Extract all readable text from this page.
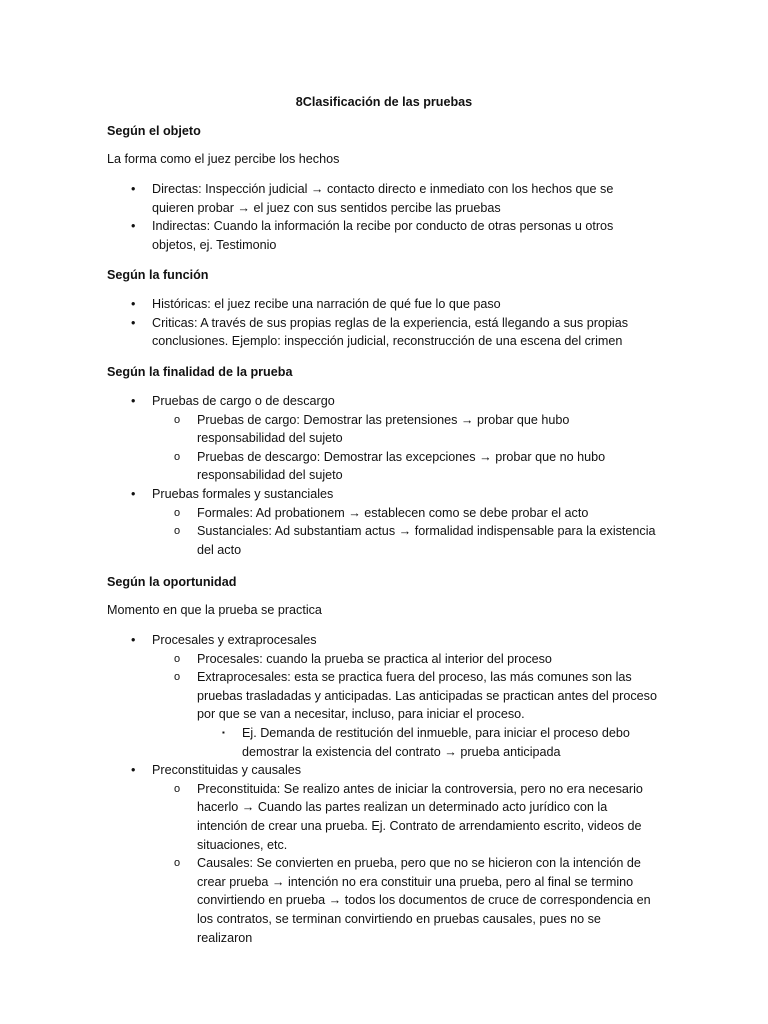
8Clasificación de las pruebas
Según el objeto
La forma como el juez percibe los hechos
• Directas: Inspección judicial → contacto directo e inmediato con los hechos que se quieren probar → el juez con sus sentidos percibe las pruebas
• Indirectas: Cuando la información la recibe por conducto de otras personas u otros objetos, ej. Testimonio
Según la función
• Históricas: el juez recibe una narración de qué fue lo que paso
• Criticas: A través de sus propias reglas de la experiencia, está llegando a sus propias conclusiones. Ejemplo: inspección judicial, reconstrucción de una escena del crimen
Según la finalidad de la prueba
• Pruebas de cargo o de descargo
o Pruebas de cargo: Demostrar las pretensiones → probar que hubo responsabilidad del sujeto
o Pruebas de descargo: Demostrar las excepciones → probar que no hubo responsabilidad del sujeto
• Pruebas formales y sustanciales
o Formales: Ad probationem → establecen como se debe probar el acto
o Sustanciales: Ad substantiam actus → formalidad indispensable para la existencia del acto
Según la oportunidad
Momento en que la prueba se practica
• Procesales y extraprocesales
o Procesales: cuando la prueba se practica al interior del proceso
o Extraprocesales: esta se practica fuera del proceso, las más comunes son las pruebas trasladadas y anticipadas. Las anticipadas se practican antes del proceso por que se van a necesitar, incluso, para iniciar el proceso.
▪ Ej. Demanda de restitución del inmueble, para iniciar el proceso debo demostrar la existencia del contrato → prueba anticipada
• Preconstituidas y causales
o Preconstituida: Se realizo antes de iniciar la controversia, pero no era necesario hacerlo → Cuando las partes realizan un determinado acto jurídico con la intención de crear una prueba. Ej. Contrato de arrendamiento escrito, videos de situaciones, etc.
o Causales: Se convierten en prueba, pero que no se hicieron con la intención de crear prueba → intención no era constituir una prueba, pero al final se termino convirtiendo en prueba → todos los documentos de cruce de correspondencia en los contratos, se terminan convirtiendo en pruebas causales, pues no se realizaron
